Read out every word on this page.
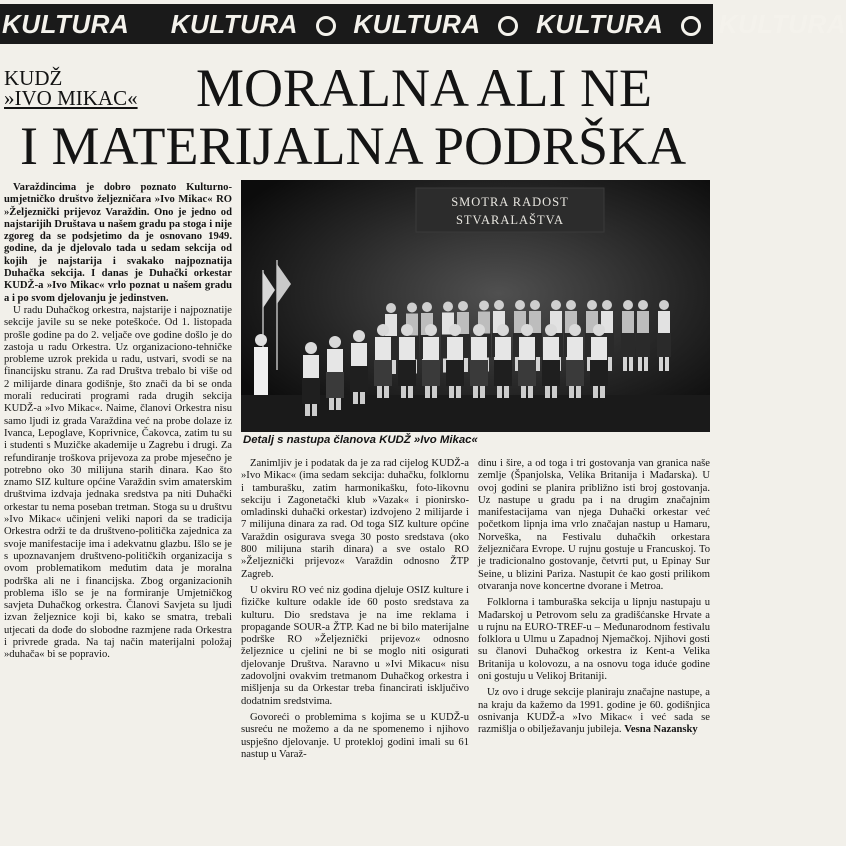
KULTURA KULTURA KULTURA KULTURA KULTURA
KUDŽ
»IVO MIKAC« MORALNA ALI NE
I MATERIJALNA PODRŠKA

Varaždincima je dobro poznato Kulturno-umjetničko društvo željezničara »Ivo Mikac« RO »Željeznički prijevoz Varaždin. Ono je jedno od najstarijih Društava u našem gradu pa stoga i nije zgoreg da se podsjetimo da je osnovano 1949. godine, da je djelovalo tada u sedam sekcija od kojih je najstarija i svakako najpoznatija Duhačka sekcija. I danas je Duhački orkestar KUDŽ-a »Ivo Mikac« vrlo poznat u našem gradu a i po svom djelovanju je jedinstven.

U radu Duhačkog orkestra, najstarije i najpoznatije sekcije javile su se neke poteškoće. Od 1. listopada prošle godine pa do 2. veljače ove godine došlo je do zastoja u radu Orkestra. Uz organizaciono-tehničke probleme uzrok prekida u radu, ustvari, svodi se na financijsku stranu. Za rad Društva trebalo bi više od 2 milijarde dinara godišnje, što znači da bi se onda morali reducirati programi rada drugih sekcija KUDŽ-a »Ivo Mikac«. Naime, članovi Orkestra nisu samo ljudi iz grada Varaždina već na probe dolaze iz Ivanca, Lepoglave, Koprivnice, Čakovca, zatim tu su i studenti s Muzičke akademije u Zagrebu i drugi. Za refundiranje troškova prijevoza za probe mjesečno je potrebno oko 30 milijuna starih dinara. Kao što znamo SIZ kulture općine Varaždin svim amaterskim društvima izdvaja jednaka sredstva pa niti Duhački orkestar tu nema poseban tretman. Stoga su u društvu »Ivo Mikac« učinjeni veliki napori da se tradicija Orkestra održi te da društveno-politička zajednica za svoje manifestacije ima i adekvatnu glazbu. Išlo se je s upoznavanjem društveno-političkih organizacija s ovom problematikom međutim data je moralna podrška ali ne i financijska. Zbog organizacionih problema išlo se je na formiranje Umjetničkog savjeta Duhačkog orkestra. Članovi Savjeta su ljudi izvan željeznice koji bi, kako se smatra, trebali utjecati da dođe do slobodne razmjene rada Orkestra i privrede grada. Na taj način materijalni položaj »duhača« bi se popravio.

SMOTRA RADOST
STVARALAŠTVA
Detalj s nastupa članova KUDŽ »Ivo Mikac«

Zanimljiv je i podatak da je za rad cijelog KUDŽ-a »Ivo Mikac« (ima sedam sekcija: duhačku, folklornu i tamburašku, zatim harmonikašku, foto-likovnu sekciju i Zagonetački klub »Vazak« i pionirsko-omladinski duhački orkestar) izdvojeno 2 milijarde i 7 milijuna dinara za rad. Od toga SIZ kulture općine Varaždin osigurava svega 30 posto sredstava (oko 800 milijuna starih dinara) a sve ostalo RO »Željeznički prijevoz« Varaždin odnosno ŽTP Zagreb.

U okviru RO već niz godina djeluje OSIZ kulture i fizičke kulture odakle ide 60 posto sredstava za kulturu. Dio sredstava je na ime reklama i propagande SOUR-a ŽTP. Kad ne bi bilo materijalne podrške RO »Željeznički prijevoz« odnosno željeznice u cjelini ne bi se moglo niti osigurati djelovanje Društva. Naravno u »Ivi Mikacu« nisu zadovoljni ovakvim tretmanom Duhačkog orkestra i mišljenja su da Orkestar treba financirati isključivo dodatnim sredstvima.

Govoreći o problemima s kojima se u KUDŽ-u susreću ne možemo a da ne spomenemo i njihovo uspješno djelovanje. U proteklој godini imali su 61 nastup u Varaž-

dinu i šire, a od toga i tri gostovanja van granica naše zemlje (Španjolska, Velika Britanija i Mađarska). U ovoj godini se planira približno isti broj gostovanja. Uz nastupe u gradu pa i na drugim značajnim manifestacijama van njega Duhački orkestar već početkom lipnja ima vrlo značajan nastup u Hamaru, Norveška, na Festivalu duhačkih orkestara željezničara Evrope. U rujnu gostuje u Francuskoj. To je tradicionalno gostovanje, četvrti put, u Epinay Sur Seine, u blizini Pariza. Nastupit će kao gosti prilikom otvaranja nove koncertne dvorane i Metroa.

Folklorna i tamburaška sekcija u lipnju nastupaju u Mađarskoj u Petrovom selu za gradišćanske Hrvate a u rujnu na EURO-TREF-u – Međunarodnom festivalu folklora u Ulmu u Zapadnoj Njemačkoj. Njihovi gosti su članovi Duhačkog orkestra iz Kent-a Velika Britanija u kolovozu, a na osnovu toga iduće godine oni gostuju u Velikoj Britaniji.

Uz ovo i druge sekcije planiraju značajne nastupe, a na kraju da kažemo da 1991. godine je 60. godišnjica osnivanja KUDŽ-a »Ivo Mikac« i već sada se razmišlja o obilježavanju jubileja. Vesna Nazansky
